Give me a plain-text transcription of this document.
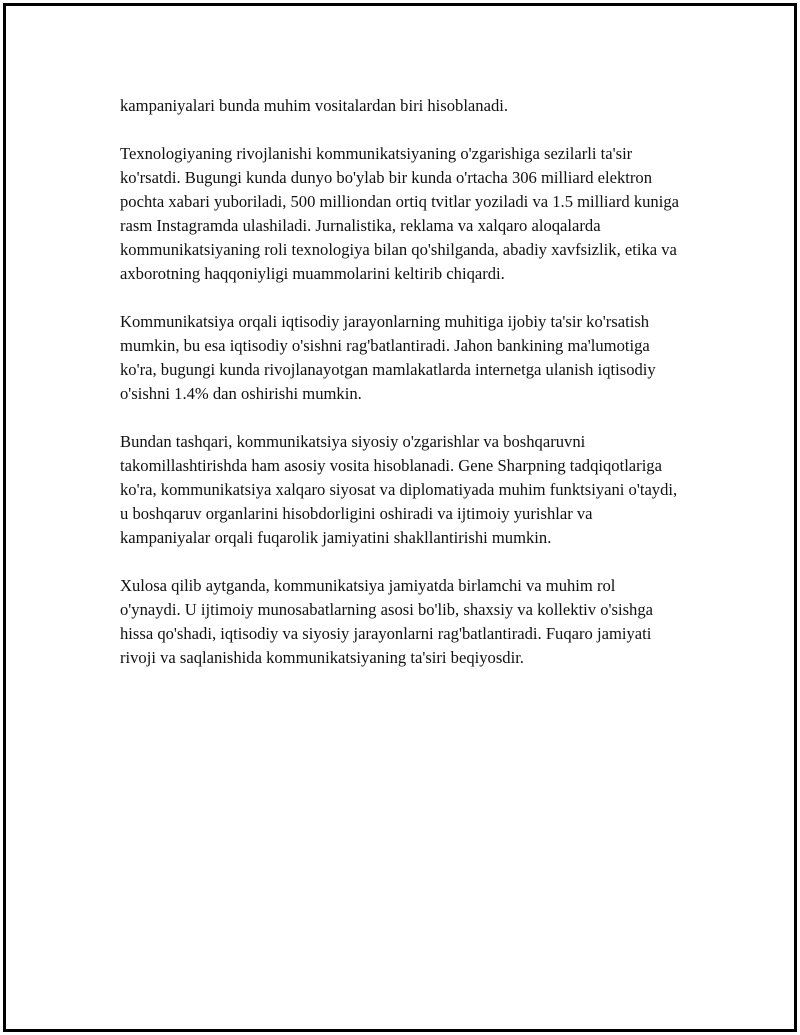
kampaniyalari bunda muhim vositalardan biri hisoblanadi.

Texnologiyaning rivojlanishi kommunikatsiyaning o'zgarishiga sezilarli ta'sir ko'rsatdi. Bugungi kunda dunyo bo'ylab bir kunda o'rtacha 306 milliard elektron pochta xabari yuboriladi, 500 milliondan ortiq tvitlar yoziladi va 1.5 milliard kuniga rasm Instagramda ulashiladi. Jurnalistika, reklama va xalqaro aloqalarda kommunikatsiyaning roli texnologiya bilan qo'shilganda, abadiy xavfsizlik, etika va axborotning haqqoniyligi muammolarini keltirib chiqardi.

Kommunikatsiya orqali iqtisodiy jarayonlarning muhitiga ijobiy ta'sir ko'rsatish mumkin, bu esa iqtisodiy o'sishni rag'batlantiradi. Jahon bankining ma'lumotiga ko'ra, bugungi kunda rivojlanayotgan mamlakatlarda internetga ulanish iqtisodiy o'sishni 1.4% dan oshirishi mumkin.

Bundan tashqari, kommunikatsiya siyosiy o'zgarishlar va boshqaruvni takomillashtirishda ham asosiy vosita hisoblanadi. Gene Sharpning tadqiqotlariga ko'ra, kommunikatsiya xalqaro siyosat va diplomatiyada muhim funktsiyani o'taydi, u boshqaruv organlarini hisobdorligini oshiradi va ijtimoiy yurishlar va kampaniyalar orqali fuqarolik jamiyatini shakllantirishi mumkin.

Xulosa qilib aytganda, kommunikatsiya jamiyatda birlamchi va muhim rol o'ynaydi. U ijtimoiy munosabatlarning asosi bo'lib, shaxsiy va kollektiv o'sishga hissa qo'shadi, iqtisodiy va siyosiy jarayonlarni rag'batlantiradi. Fuqaro jamiyati rivoji va saqlanishida kommunikatsiyaning ta'siri beqiyosdir.
